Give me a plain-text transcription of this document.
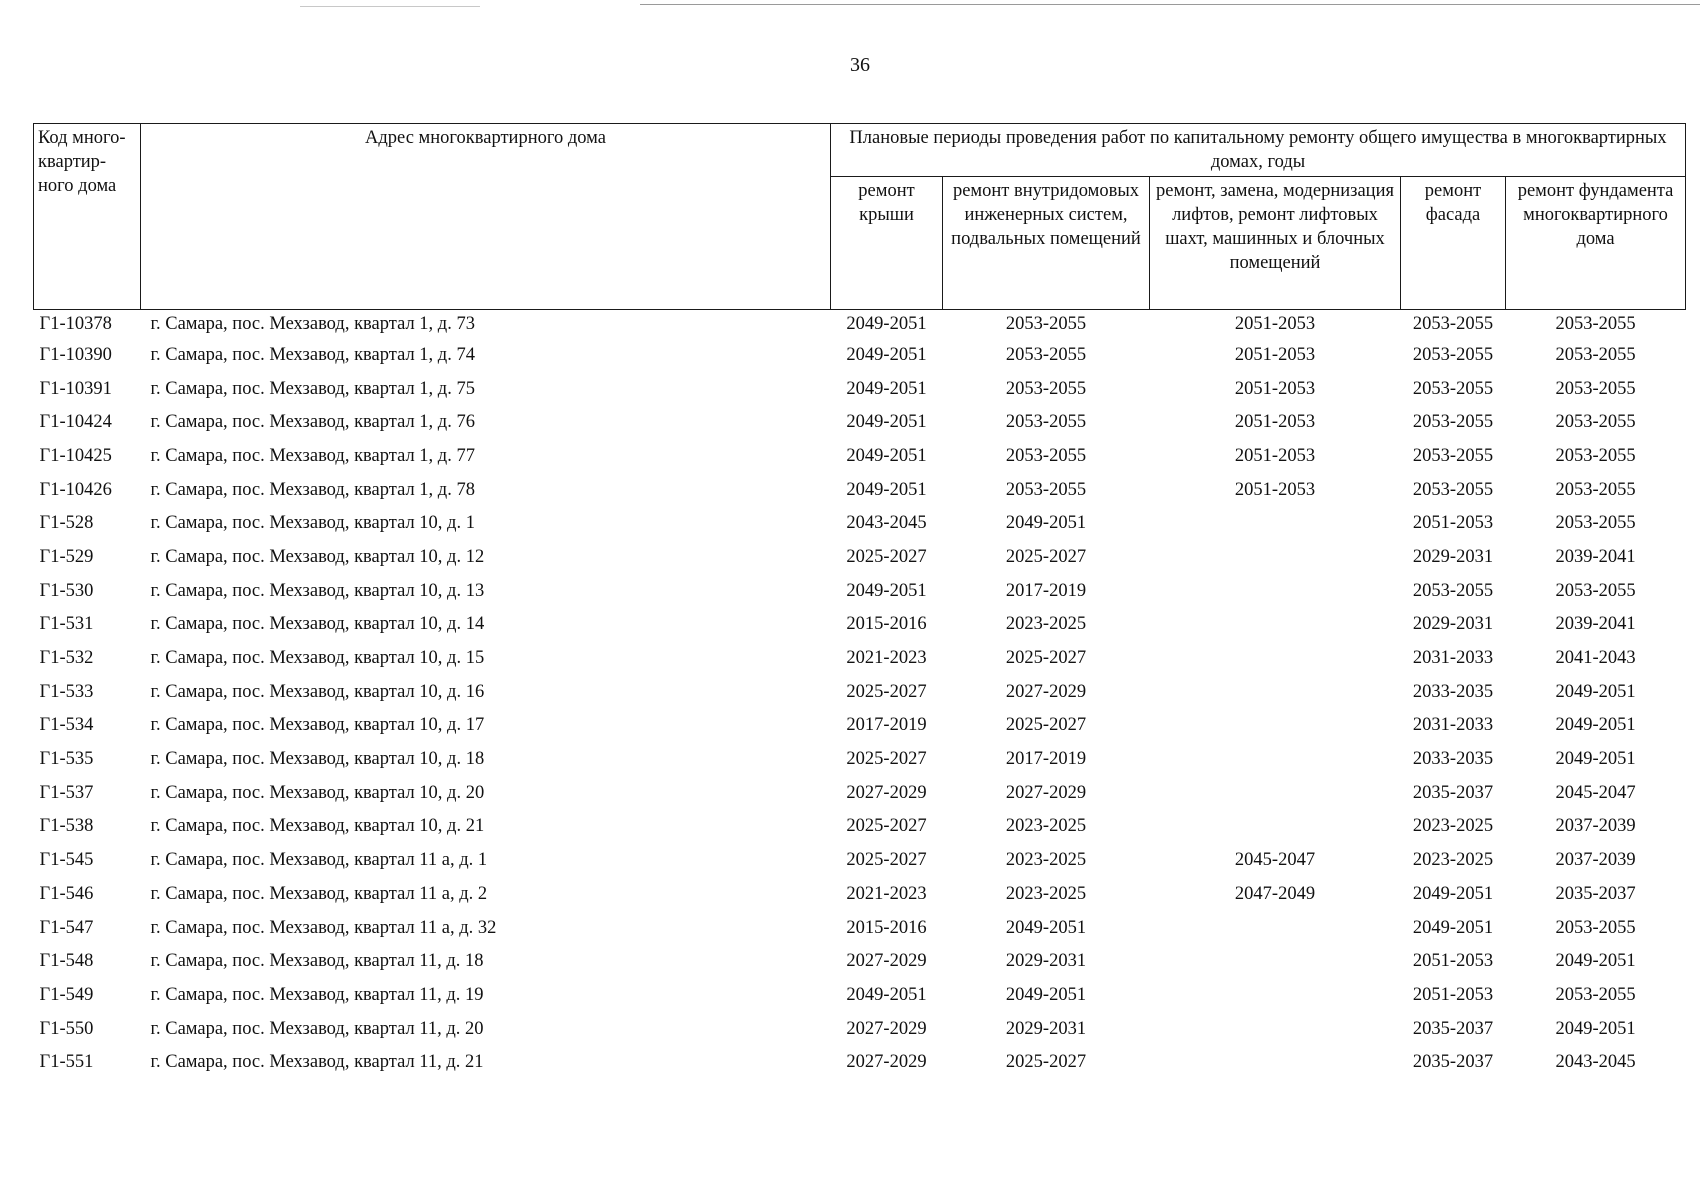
36
Код много-квартир-ного дома	Адрес многоквартирного дома	Плановые периоды проведения работ по капитальному ремонту общего имущества в многоквартирных домах, годы				
		ремонт крыши	ремонт внутридомовых инженерных систем, подвальных помещений	ремонт, замена, модернизация лифтов, ремонт лифтовых шахт, машинных и блочных помещений	ремонт фасада	ремонт фундамента многоквартирного дома
Г1-10378	г. Самара, пос. Мехзавод, квартал 1, д. 73	2049-2051	2053-2055	2051-2053	2053-2055	2053-2055
Г1-10390	г. Самара, пос. Мехзавод, квартал 1, д. 74	2049-2051	2053-2055	2051-2053	2053-2055	2053-2055
Г1-10391	г. Самара, пос. Мехзавод, квартал 1, д. 75	2049-2051	2053-2055	2051-2053	2053-2055	2053-2055
Г1-10424	г. Самара, пос. Мехзавод, квартал 1, д. 76	2049-2051	2053-2055	2051-2053	2053-2055	2053-2055
Г1-10425	г. Самара, пос. Мехзавод, квартал 1, д. 77	2049-2051	2053-2055	2051-2053	2053-2055	2053-2055
Г1-10426	г. Самара, пос. Мехзавод, квартал 1, д. 78	2049-2051	2053-2055	2051-2053	2053-2055	2053-2055
Г1-528	г. Самара, пос. Мехзавод, квартал 10, д. 1	2043-2045	2049-2051		2051-2053	2053-2055
Г1-529	г. Самара, пос. Мехзавод, квартал 10, д. 12	2025-2027	2025-2027		2029-2031	2039-2041
Г1-530	г. Самара, пос. Мехзавод, квартал 10, д. 13	2049-2051	2017-2019		2053-2055	2053-2055
Г1-531	г. Самара, пос. Мехзавод, квартал 10, д. 14	2015-2016	2023-2025		2029-2031	2039-2041
Г1-532	г. Самара, пос. Мехзавод, квартал 10, д. 15	2021-2023	2025-2027		2031-2033	2041-2043
Г1-533	г. Самара, пос. Мехзавод, квартал 10, д. 16	2025-2027	2027-2029		2033-2035	2049-2051
Г1-534	г. Самара, пос. Мехзавод, квартал 10, д. 17	2017-2019	2025-2027		2031-2033	2049-2051
Г1-535	г. Самара, пос. Мехзавод, квартал 10, д. 18	2025-2027	2017-2019		2033-2035	2049-2051
Г1-537	г. Самара, пос. Мехзавод, квартал 10, д. 20	2027-2029	2027-2029		2035-2037	2045-2047
Г1-538	г. Самара, пос. Мехзавод, квартал 10, д. 21	2025-2027	2023-2025		2023-2025	2037-2039
Г1-545	г. Самара, пос. Мехзавод, квартал 11 а, д. 1	2025-2027	2023-2025	2045-2047	2023-2025	2037-2039
Г1-546	г. Самара, пос. Мехзавод, квартал 11 а, д. 2	2021-2023	2023-2025	2047-2049	2049-2051	2035-2037
Г1-547	г. Самара, пос. Мехзавод, квартал 11 а, д. 32	2015-2016	2049-2051		2049-2051	2053-2055
Г1-548	г. Самара, пос. Мехзавод, квартал 11, д. 18	2027-2029	2029-2031		2051-2053	2049-2051
Г1-549	г. Самара, пос. Мехзавод, квартал 11, д. 19	2049-2051	2049-2051		2051-2053	2053-2055
Г1-550	г. Самара, пос. Мехзавод, квартал 11, д. 20	2027-2029	2029-2031		2035-2037	2049-2051
Г1-551	г. Самара, пос. Мехзавод, квартал 11, д. 21	2027-2029	2025-2027		2035-2037	2043-2045
